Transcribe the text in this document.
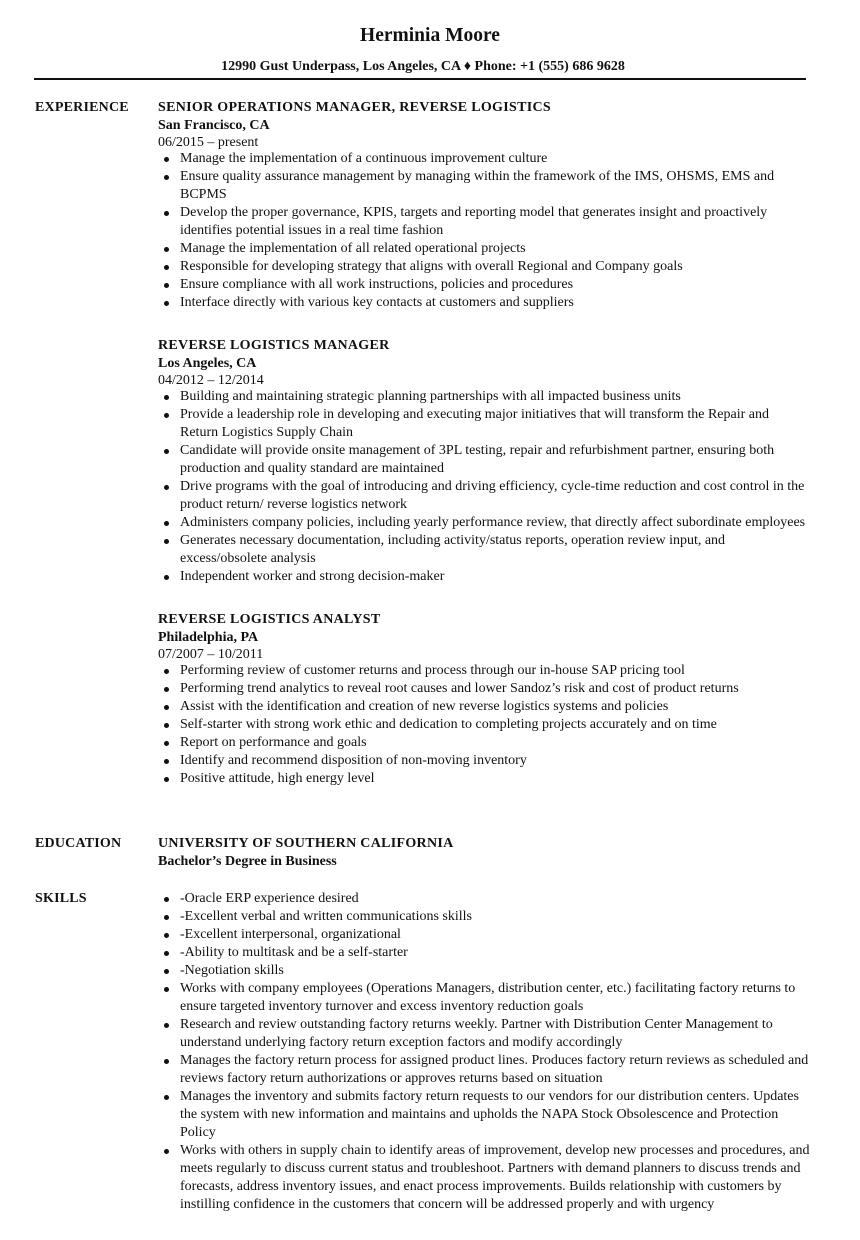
Herminia Moore
12990 Gust Underpass, Los Angeles, CA ♦ Phone: +1 (555) 686 9628
EXPERIENCE SENIOR OPERATIONS MANAGER, REVERSE LOGISTICS
San Francisco, CA
06/2015 – present
Manage the implementation of a continuous improvement culture
Ensure quality assurance management by managing within the framework of the IMS, OHSMS, EMS and BCPMS
Develop the proper governance, KPIS, targets and reporting model that generates insight and proactively identifies potential issues in a real time fashion
Manage the implementation of all related operational projects
Responsible for developing strategy that aligns with overall Regional and Company goals
Ensure compliance with all work instructions, policies and procedures
Interface directly with various key contacts at customers and suppliers
REVERSE LOGISTICS MANAGER
Los Angeles, CA
04/2012 – 12/2014
Building and maintaining strategic planning partnerships with all impacted business units
Provide a leadership role in developing and executing major initiatives that will transform the Repair and Return Logistics Supply Chain
Candidate will provide onsite management of 3PL testing, repair and refurbishment partner, ensuring both production and quality standard are maintained
Drive programs with the goal of introducing and driving efficiency, cycle-time reduction and cost control in the product return/ reverse logistics network
Administers company policies, including yearly performance review, that directly affect subordinate employees
Generates necessary documentation, including activity/status reports, operation review input, and excess/obsolete analysis
Independent worker and strong decision-maker
REVERSE LOGISTICS ANALYST
Philadelphia, PA
07/2007 – 10/2011
Performing review of customer returns and process through our in-house SAP pricing tool
Performing trend analytics to reveal root causes and lower Sandoz’s risk and cost of product returns
Assist with the identification and creation of new reverse logistics systems and policies
Self-starter with strong work ethic and dedication to completing projects accurately and on time
Report on performance and goals
Identify and recommend disposition of non-moving inventory
Positive attitude, high energy level
EDUCATION	UNIVERSITY OF SOUTHERN CALIFORNIA
Bachelor’s Degree in Business
SKILLS	-Oracle ERP experience desired
-Excellent verbal and written communications skills
-Excellent interpersonal, organizational
-Ability to multitask and be a self-starter
-Negotiation skills
Works with company employees (Operations Managers, distribution center, etc.) facilitating factory returns to ensure targeted inventory turnover and excess inventory reduction goals
Research and review outstanding factory returns weekly. Partner with Distribution Center Management to understand underlying factory return exception factors and modify accordingly
Manages the factory return process for assigned product lines. Produces factory return reviews as scheduled and reviews factory return authorizations or approves returns based on situation
Manages the inventory and submits factory return requests to our vendors for our distribution centers. Updates the system with new information and maintains and upholds the NAPA Stock Obsolescence and Protection Policy
Works with others in supply chain to identify areas of improvement, develop new processes and procedures, and meets regularly to discuss current status and troubleshoot. Partners with demand planners to discuss trends and forecasts, address inventory issues, and enact process improvements. Builds relationship with customers by instilling confidence in the customers that concern will be addressed properly and with urgency
